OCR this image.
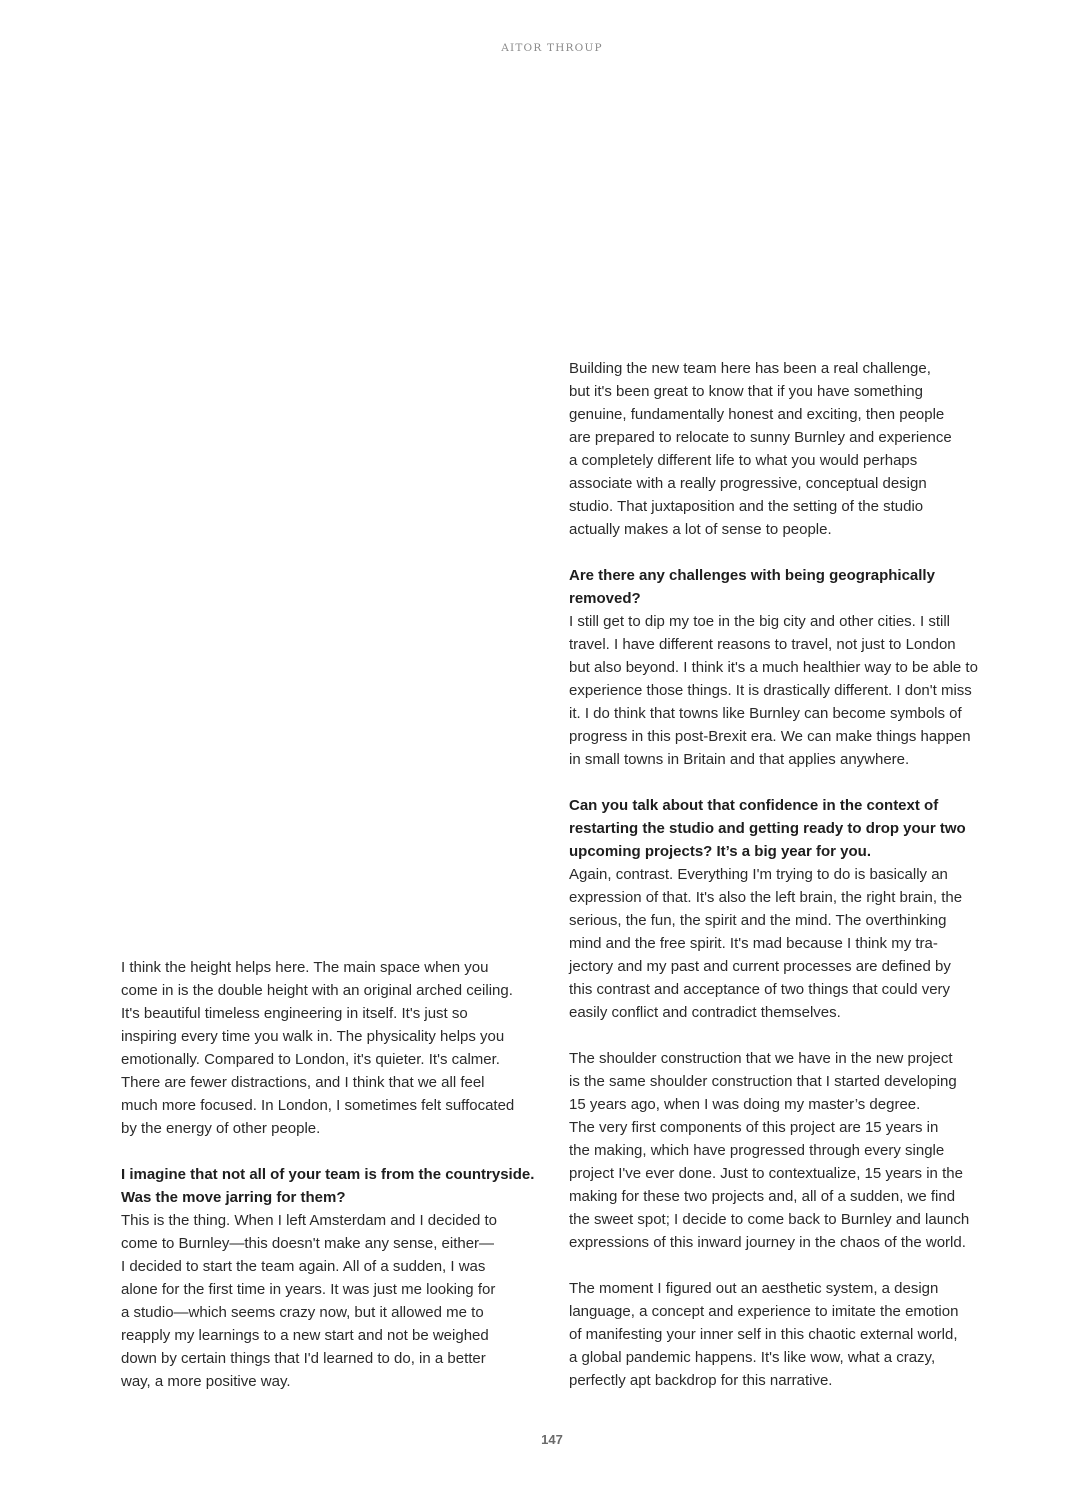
AITOR THROUP

I think the height helps here. The main space when you
come in is the double height with an original arched ceiling.
It's beautiful timeless engineering in itself. It's just so
inspiring every time you walk in. The physicality helps you
emotionally. Compared to London, it's quieter. It's calmer.
There are fewer distractions, and I think that we all feel
much more focused. In London, I sometimes felt suffocated
by the energy of other people.

I imagine that not all of your team is from the countryside.
Was the move jarring for them?
This is the thing. When I left Amsterdam and I decided to
come to Burnley—this doesn't make any sense, either—
I decided to start the team again. All of a sudden, I was
alone for the first time in years. It was just me looking for
a studio—which seems crazy now, but it allowed me to
reapply my learnings to a new start and not be weighed
down by certain things that I'd learned to do, in a better
way, a more positive way.

Building the new team here has been a real challenge,
but it's been great to know that if you have something
genuine, fundamentally honest and exciting, then people
are prepared to relocate to sunny Burnley and experience
a completely different life to what you would perhaps
associate with a really progressive, conceptual design
studio. That juxtaposition and the setting of the studio
actually makes a lot of sense to people.

Are there any challenges with being geographically
removed?
I still get to dip my toe in the big city and other cities. I still
travel. I have different reasons to travel, not just to London
but also beyond. I think it's a much healthier way to be able to
experience those things. It is drastically different. I don't miss
it. I do think that towns like Burnley can become symbols of
progress in this post-Brexit era. We can make things happen
in small towns in Britain and that applies anywhere.

Can you talk about that confidence in the context of
restarting the studio and getting ready to drop your two
upcoming projects? It’s a big year for you.
Again, contrast. Everything I'm trying to do is basically an
expression of that. It's also the left brain, the right brain, the
serious, the fun, the spirit and the mind. The overthinking
mind and the free spirit. It's mad because I think my tra-
jectory and my past and current processes are defined by
this contrast and acceptance of two things that could very
easily conflict and contradict themselves.

The shoulder construction that we have in the new project
is the same shoulder construction that I started developing
15 years ago, when I was doing my master’s degree.
The very first components of this project are 15 years in
the making, which have progressed through every single
project I've ever done. Just to contextualize, 15 years in the
making for these two projects and, all of a sudden, we find
the sweet spot; I decide to come back to Burnley and launch
expressions of this inward journey in the chaos of the world.

The moment I figured out an aesthetic system, a design
language, a concept and experience to imitate the emotion
of manifesting your inner self in this chaotic external world,
a global pandemic happens. It's like wow, what a crazy,
perfectly apt backdrop for this narrative.

147
